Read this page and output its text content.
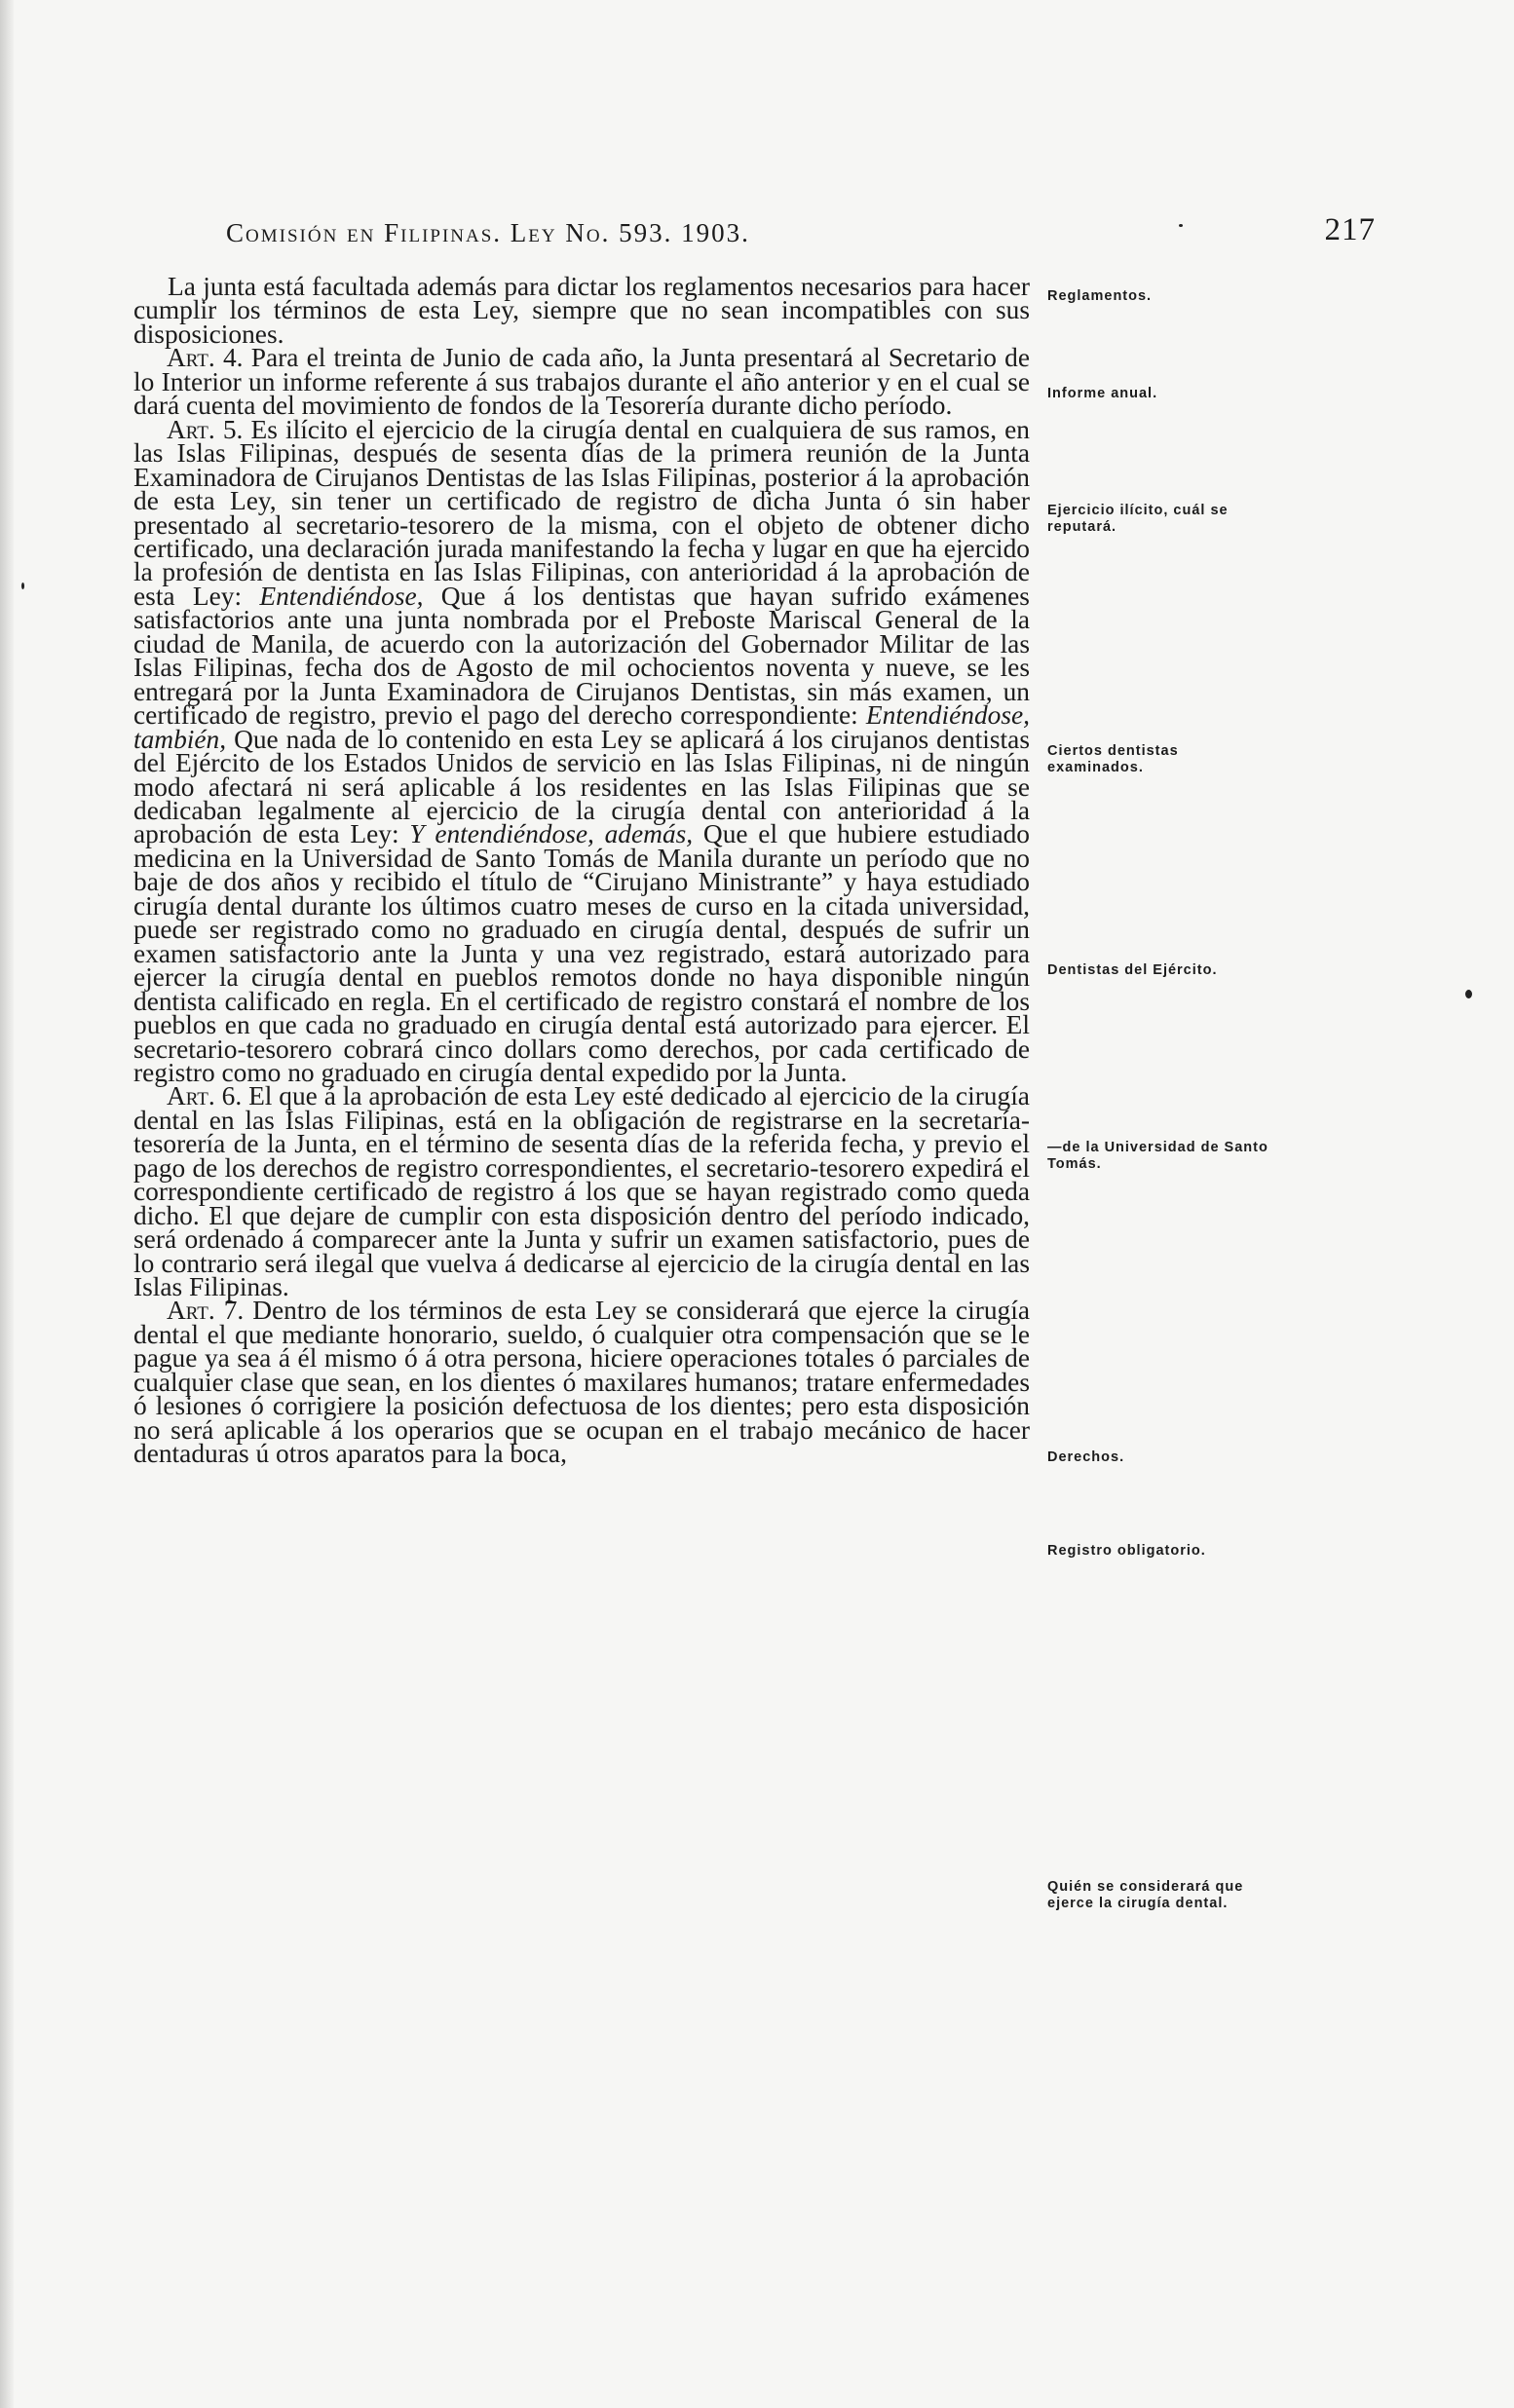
Comisión en Filipinas. Ley No. 593. 1903.	217

La junta está facultada además para dictar los reglamentos necesarios para hacer cumplir los términos de esta Ley, siempre que no sean incompatibles con sus disposiciones.

Art. 4. Para el treinta de Junio de cada año, la Junta presentará al Secretario de lo Interior un informe referente á sus trabajos durante el año anterior y en el cual se dará cuenta del movimiento de fondos de la Tesorería durante dicho período.

Art. 5. Es ilícito el ejercicio de la cirugía dental en cualquiera de sus ramos, en las Islas Filipinas, después de sesenta días de la primera reunión de la Junta Examinadora de Cirujanos Dentistas de las Islas Filipinas, posterior á la aprobación de esta Ley, sin tener un certificado de registro de dicha Junta ó sin haber presentado al secretario-tesorero de la misma, con el objeto de obtener dicho certificado, una declaración jurada manifestando la fecha y lugar en que ha ejercido la profesión de dentista en las Islas Filipinas, con anterioridad á la aprobación de esta Ley: Entendiéndose, Que á los dentistas que hayan sufrido exámenes satisfactorios ante una junta nombrada por el Preboste Mariscal General de la ciudad de Manila, de acuerdo con la autorización del Gobernador Militar de las Islas Filipinas, fecha dos de Agosto de mil ochocientos noventa y nueve, se les entregará por la Junta Examinadora de Cirujanos Dentistas, sin más examen, un certificado de registro, previo el pago del derecho correspondiente: Entendiéndose, también, Que nada de lo contenido en esta Ley se aplicará á los cirujanos dentistas del Ejército de los Estados Unidos de servicio en las Islas Filipinas, ni de ningún modo afectará ni será aplicable á los residentes en las Islas Filipinas que se dedicaban legalmente al ejercicio de la cirugía dental con anterioridad á la aprobación de esta Ley: Y entendiéndose, además, Que el que hubiere estudiado medicina en la Universidad de Santo Tomás de Manila durante un período que no baje de dos años y recibido el título de “Cirujano Ministrante” y haya estudiado cirugía dental durante los últimos cuatro meses de curso en la citada universidad, puede ser registrado como no graduado en cirugía dental, después de sufrir un examen satisfactorio ante la Junta y una vez registrado, estará autorizado para ejercer la cirugía dental en pueblos remotos donde no haya disponible ningún dentista calificado en regla. En el certificado de registro constará el nombre de los pueblos en que cada no graduado en cirugía dental está autorizado para ejercer. El secretario-tesorero cobrará cinco dollars como derechos, por cada certificado de registro como no graduado en cirugía dental expedido por la Junta.

Art. 6. El que á la aprobación de esta Ley esté dedicado al ejercicio de la cirugía dental en las Islas Filipinas, está en la obligación de registrarse en la secretaría-tesorería de la Junta, en el término de sesenta días de la referida fecha, y previo el pago de los derechos de registro correspondientes, el secretario-tesorero expedirá el correspondiente certificado de registro á los que se hayan registrado como queda dicho. El que dejare de cumplir con esta disposición dentro del período indicado, será ordenado á comparecer ante la Junta y sufrir un examen satisfactorio, pues de lo contrario será ilegal que vuelva á dedicarse al ejercicio de la cirugía dental en las Islas Filipinas.

Art. 7. Dentro de los términos de esta Ley se considerará que ejerce la cirugía dental el que mediante honorario, sueldo, ó cualquier otra compensación que se le pague ya sea á él mismo ó á otra persona, hiciere operaciones totales ó parciales de cualquier clase que sean, en los dientes ó maxilares humanos; tratare enfermedades ó lesiones ó corrigiere la posición defectuosa de los dientes; pero esta disposición no será aplicable á los operarios que se ocupan en el trabajo mecánico de hacer dentaduras ú otros aparatos para la boca,

Reglamentos.
Informe anual.
Ejercicio ilícito, cuál se reputará.
Ciertos dentistas examinados.
Dentistas del Ejército.
—de la Universidad de Santo Tomás.
Derechos.
Registro obligatorio.
Quién se considerará que ejerce la cirugía dental.
